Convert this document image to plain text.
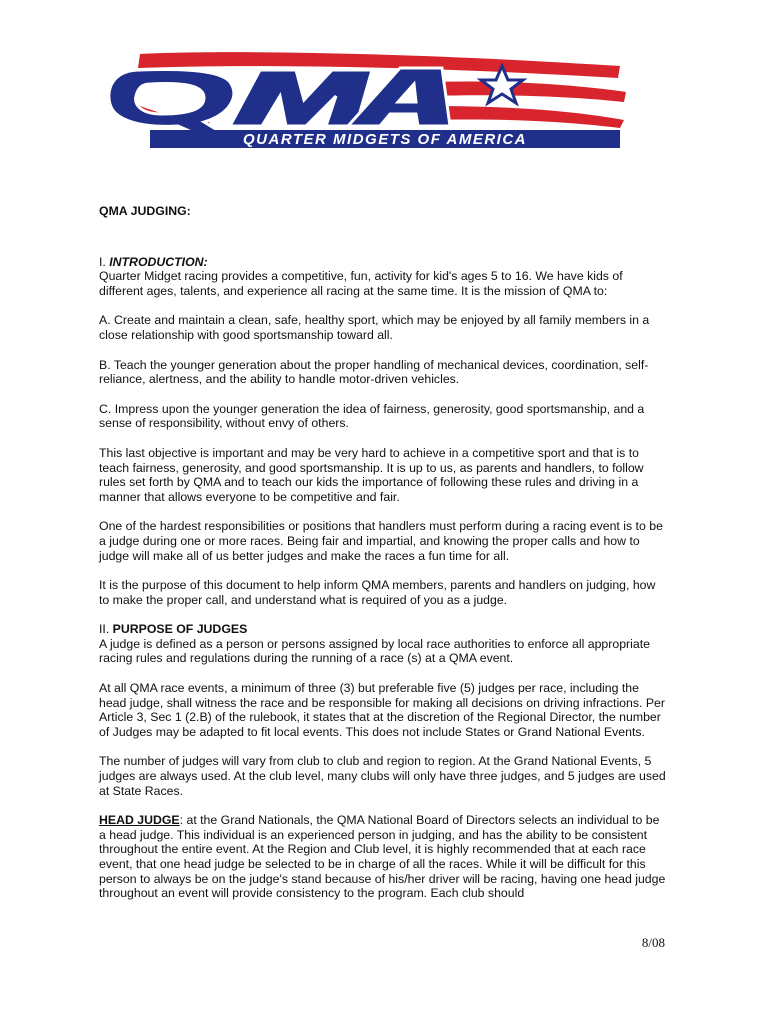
QUARTER MIDGETS OF AMERICA

QMA JUDGING:

I. INTRODUCTION:

Quarter Midget racing provides a competitive, fun, activity for kid's ages 5 to 16. We have kids of different ages, talents, and experience all racing at the same time. It is the mission of QMA to:

A. Create and maintain a clean, safe, healthy sport, which may be enjoyed by all family members in a close relationship with good sportsmanship toward all.

B. Teach the younger generation about the proper handling of mechanical devices, coordination, self-reliance, alertness, and the ability to handle motor-driven vehicles.

C. Impress upon the younger generation the idea of fairness, generosity, good sportsmanship, and a sense of responsibility, without envy of others.

This last objective is important and may be very hard to achieve in a competitive sport and that is to teach fairness, generosity, and good sportsmanship. It is up to us, as parents and handlers, to follow rules set forth by QMA and to teach our kids the importance of following these rules and driving in a manner that allows everyone to be competitive and fair.

One of the hardest responsibilities or positions that handlers must perform during a racing event is to be a judge during one or more races. Being fair and impartial, and knowing the proper calls and how to judge will make all of us better judges and make the races a fun time for all.

It is the purpose of this document to help inform QMA members, parents and handlers on judging, how to make the proper call, and understand what is required of you as a judge.

II. PURPOSE OF JUDGES

A judge is defined as a person or persons assigned by local race authorities to enforce all appropriate racing rules and regulations during the running of a race (s) at a QMA event.

At all QMA race events, a minimum of three (3) but preferable five (5) judges per race, including the head judge, shall witness the race and be responsible for making all decisions on driving infractions. Per Article 3, Sec 1 (2.B) of the rulebook, it states that at the discretion of the Regional Director, the number of Judges may be adapted to fit local events. This does not include States or Grand National Events.

The number of judges will vary from club to club and region to region. At the Grand National Events, 5 judges are always used. At the club level, many clubs will only have three judges, and 5 judges are used at State Races.

HEAD JUDGE: at the Grand Nationals, the QMA National Board of Directors selects an individual to be a head judge. This individual is an experienced person in judging, and has the ability to be consistent throughout the entire event. At the Region and Club level, it is highly recommended that at each race event, that one head judge be selected to be in charge of all the races. While it will be difficult for this person to always be on the judge's stand because of his/her driver will be racing, having one head judge throughout an event will provide consistency to the program. Each club should

8/08
